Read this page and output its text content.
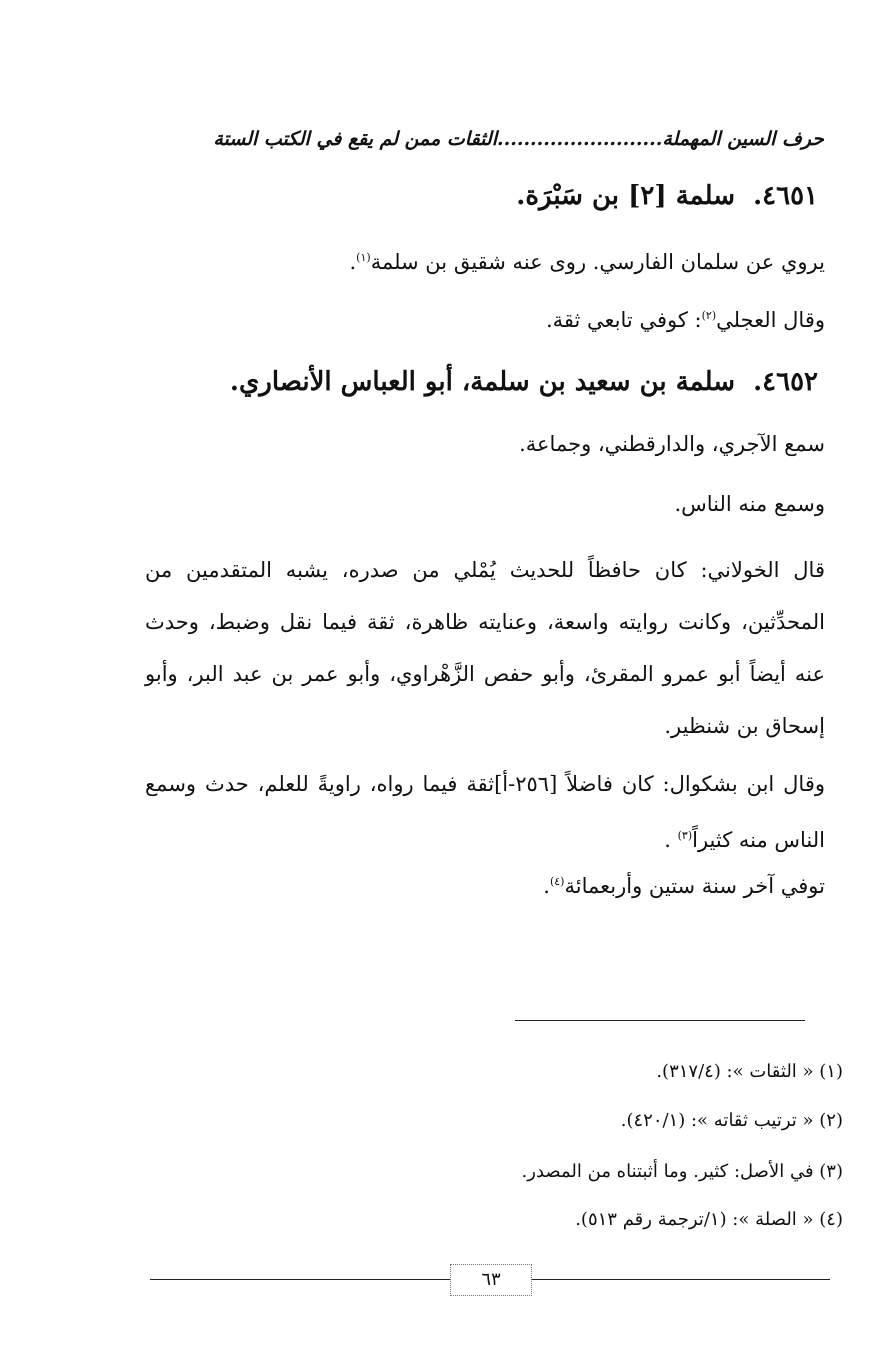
حرف السين المهملة.........................الثقات ممن لم يقع في الكتب الستة
٤٦٥١.سلمة [٢] بن سَبْرَة.
يروي عن سلمان الفارسي. روى عنه شقيق بن سلمة$^{(١)}$.
وقال العجلي$^{(٢)}$: كوفي تابعي ثقة.
٤٦٥٢.سلمة بن سعيد بن سلمة، أبو العباس الأنصاري.
سمع الآجري، والدارقطني، وجماعة.
وسمع منه الناس.
قال الخولاني: كان حافظاً للحديث يُمْلي من صدره، يشبه المتقدمين من المحدِّثين، وكانت روايته واسعة، وعنايته ظاهرة، ثقة فيما نقل وضبط، وحدث عنه أيضاً أبو عمرو المقرئ، وأبو حفص الزَّهْراوي، وأبو عمر بن عبد البر، وأبو إسحاق بن شنظير.
وقال ابن بشكوال: كان فاضلاً [٢٥٦-أ]ثقة فيما رواه، راويةً للعلم، حدث وسمع الناس منه كثيراً$^{(٣)}$ .
توفي آخر سنة ستين وأربعمائة$^{(٤)}$.
(١) « الثقات »: (٣١٧/٤).
(٢) « ترتيب ثقاته »: (٤٢٠/١).
(٣) في الأصل: كثير. وما أثبتناه من المصدر.
(٤) « الصلة »: (١/ترجمة رقم ٥١٣).
٦٣
